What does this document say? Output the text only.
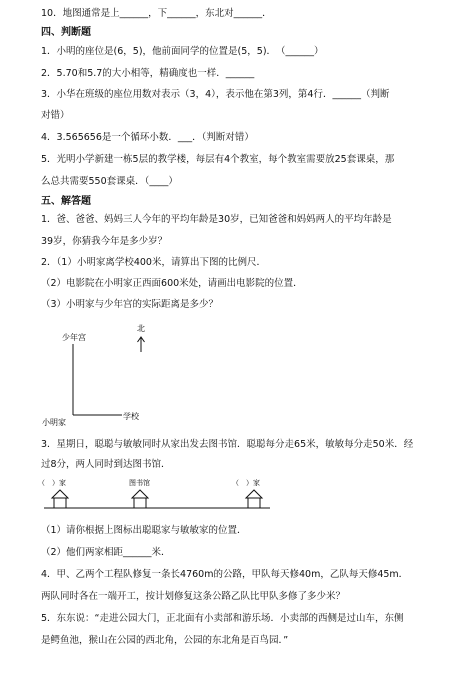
10．地图通常是上______，下______，东北对______．
四、判断题
1．小明的座位是(6，5)，他前面同学的位置是(5，5)．　（______）
2．5.70和5.7的大小相等，精确度也一样．______
3．小华在班级的座位用数对表示（3，4），表示他在第3列，第4行．______（判断
对错）
4．3.565656是一个循环小数．___．（判断对错）
5．光明小学新建一栋5层的教学楼，每层有4个教室，每个教室需要放25套课桌，那
么总共需要550套课桌．（____）
五、解答题
1．爸、爸爸、妈妈三人今年的平均年龄是30岁，已知爸爸和妈妈两人的平均年龄是
39岁，你猜我今年是多少岁？
2．（1）小明家离学校400米，请算出下图的比例尺．
（2）电影院在小明家正西面600米处，请画出电影院的位置．
（3）小明家与少年宫的实际距离是多少？
少年宫
北
小明家
学校
3．星期日，聪聪与敏敏同时从家出发去图书馆．聪聪每分走65米，敏敏每分走50米．经
过8分，两人同时到达图书馆．
（　）家	图书馆	（　）家
（1）请你根据上图标出聪聪家与敏敏家的位置．
（2）他们两家相距______米．
4．甲、乙两个工程队修复一条长4760m的公路，甲队每天修40m，乙队每天修45m．
两队同时各在一端开工，按计划修复这条公路乙队比甲队多修了多少米？
5．东东说：“走进公园大门，正北面有小卖部和游乐场．小卖部的西侧是过山车，东侧
是鳄鱼池，猴山在公园的西北角，公园的东北角是百鸟园．”
